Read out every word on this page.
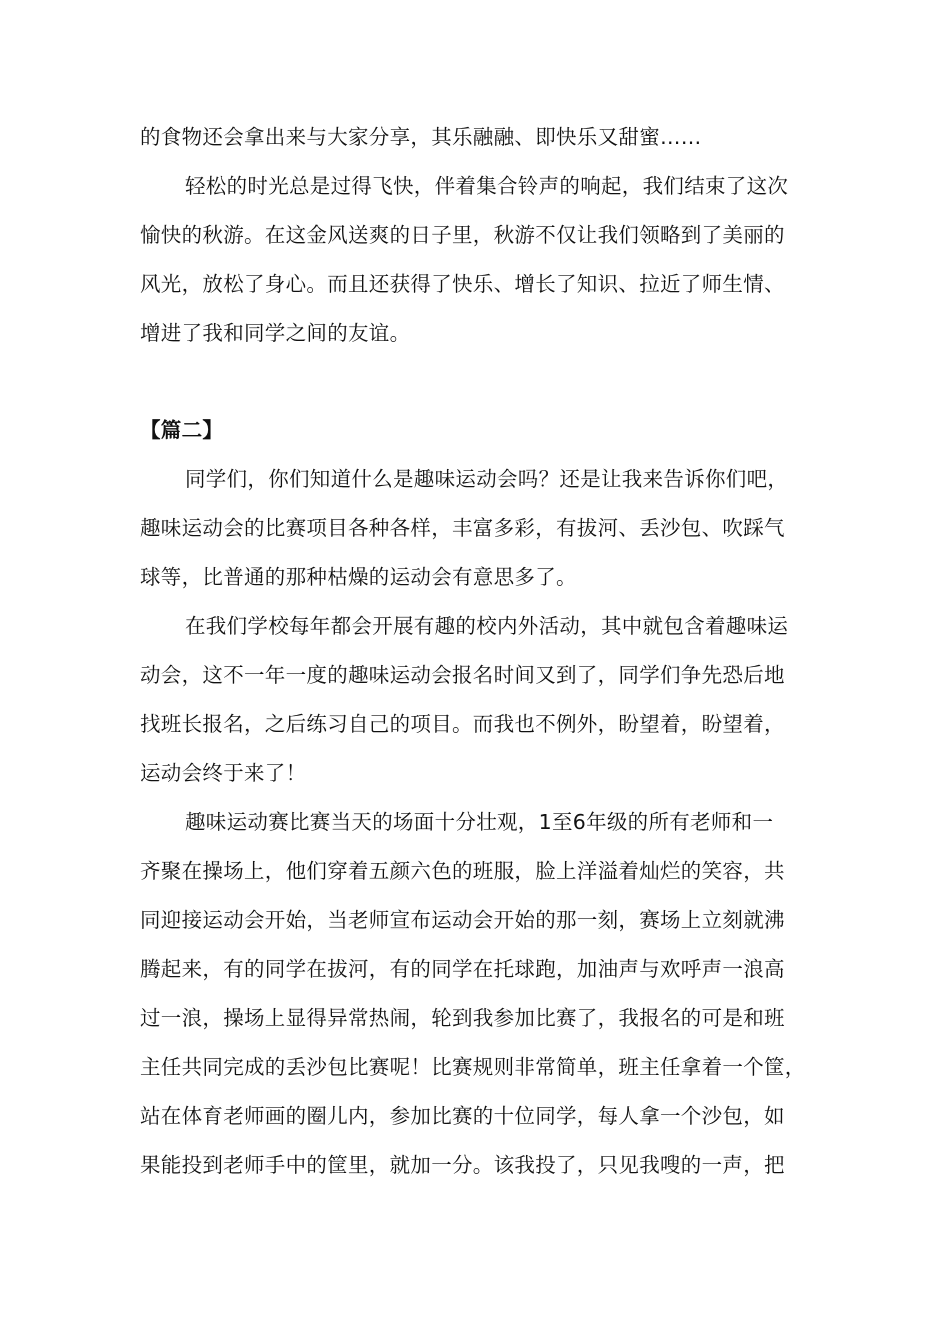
的食物还会拿出来与大家分享，其乐融融、即快乐又甜蜜……
轻松的时光总是过得飞快，伴着集合铃声的响起，我们结束了这次
愉快的秋游。在这金风送爽的日子里，秋游不仅让我们领略到了美丽的
风光，放松了身心。而且还获得了快乐、增长了知识、拉近了师生情、
增进了我和同学之间的友谊。
【篇二】
同学们，你们知道什么是趣味运动会吗？还是让我来告诉你们吧，
趣味运动会的比赛项目各种各样，丰富多彩，有拔河、丢沙包、吹踩气
球等，比普通的那种枯燥的运动会有意思多了。
在我们学校每年都会开展有趣的校内外活动，其中就包含着趣味运
动会，这不一年一度的趣味运动会报名时间又到了，同学们争先恐后地
找班长报名，之后练习自己的项目。而我也不例外，盼望着，盼望着，
运动会终于来了！
趣味运动赛比赛当天的场面十分壮观，1至6年级的所有老师和一
齐聚在操场上，他们穿着五颜六色的班服，脸上洋溢着灿烂的笑容，共
同迎接运动会开始，当老师宣布运动会开始的那一刻，赛场上立刻就沸
腾起来，有的同学在拔河，有的同学在托球跑，加油声与欢呼声一浪高
过一浪，操场上显得异常热闹，轮到我参加比赛了，我报名的可是和班
主任共同完成的丢沙包比赛呢！比赛规则非常简单，班主任拿着一个筐，
站在体育老师画的圈儿内，参加比赛的十位同学，每人拿一个沙包，如
果能投到老师手中的筐里，就加一分。该我投了，只见我嗖的一声，把
